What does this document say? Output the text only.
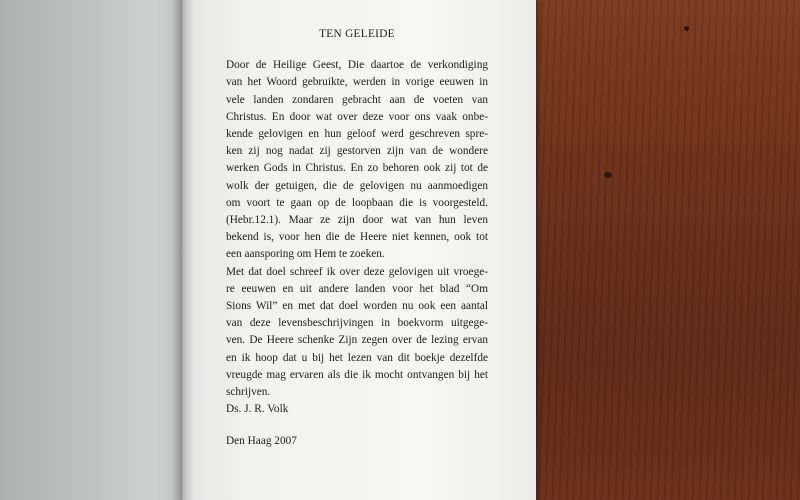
TEN GELEIDE
Door de Heilige Geest, Die daartoe de verkondiging
van het Woord gebruikte, werden in vorige eeuwen in
vele landen zondaren gebracht aan de voeten van
Christus. En door wat over deze voor ons vaak onbe-
kende gelovigen en hun geloof werd geschreven spre-
ken zij nog nadat zij gestorven zijn van de wondere
werken Gods in Christus. En zo behoren ook zij tot de
wolk der getuigen, die de gelovigen nu aanmoedigen
om voort te gaan op de loopbaan die is voorgesteld.
(Hebr.12.1). Maar ze zijn door wat van hun leven
bekend is, voor hen die de Heere niet kennen, ook tot
een aansporing om Hem te zoeken.
Met dat doel schreef ik over deze gelovigen uit vroege-
re eeuwen en uit andere landen voor het blad “Om
Sions Wil” en met dat doel worden nu ook een aantal
van deze levensbeschrijvingen in boekvorm uitgege-
ven. De Heere schenke Zijn zegen over de lezing ervan
en ik hoop dat u bij het lezen van dit boekje dezelfde
vreugde mag ervaren als die ik mocht ontvangen bij het
schrijven.
Ds. J. R. Volk
Den Haag 2007
